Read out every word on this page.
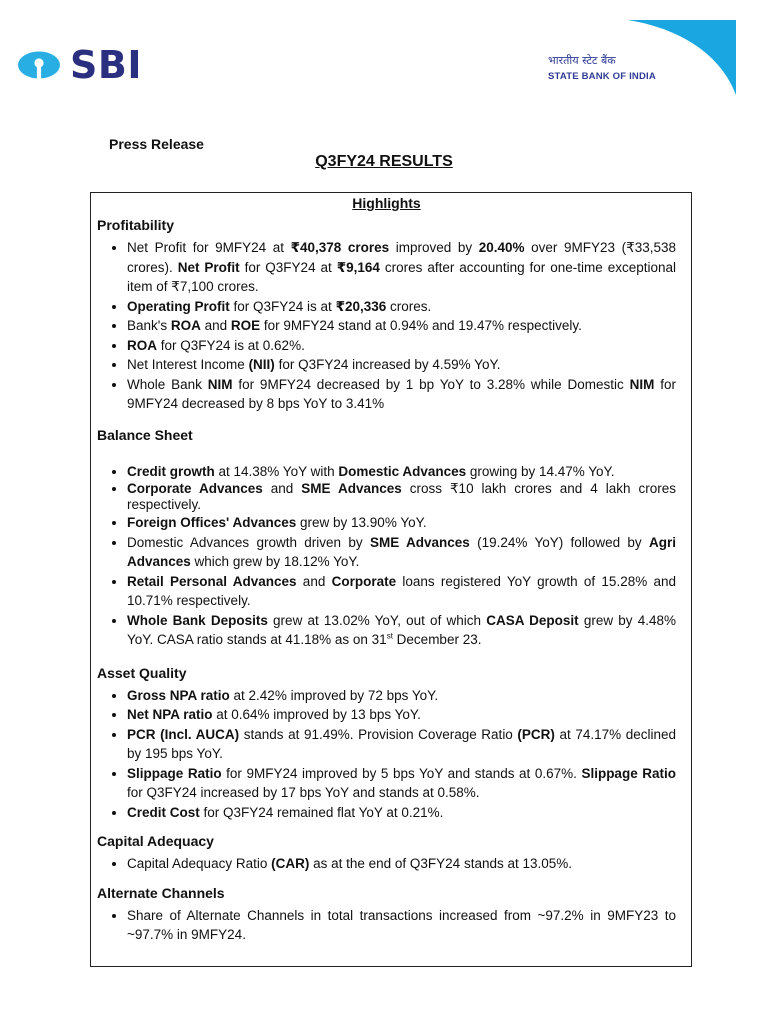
SBI	भारतीय स्टेट बैंक
STATE BANK OF INDIA
Press Release
Q3FY24 RESULTS
Highlights
Profitability
• Net Profit for 9MFY24 at ₹40,378 crores improved by 20.40% over 9MFY23 (₹33,538 crores). Net Profit for Q3FY24 at ₹9,164 crores after accounting for one-time exceptional item of ₹7,100 crores.
• Operating Profit for Q3FY24 is at ₹20,336 crores.
• Bank's ROA and ROE for 9MFY24 stand at 0.94% and 19.47% respectively.
• ROA for Q3FY24 is at 0.62%.
• Net Interest Income (NII) for Q3FY24 increased by 4.59% YoY.
• Whole Bank NIM for 9MFY24 decreased by 1 bp YoY to 3.28% while Domestic NIM for 9MFY24 decreased by 8 bps YoY to 3.41%
Balance Sheet
• Credit growth at 14.38% YoY with Domestic Advances growing by 14.47% YoY.
• Corporate Advances and SME Advances cross ₹10 lakh crores and 4 lakh crores respectively.
• Foreign Offices' Advances grew by 13.90% YoY.
• Domestic Advances growth driven by SME Advances (19.24% YoY) followed by Agri Advances which grew by 18.12% YoY.
• Retail Personal Advances and Corporate loans registered YoY growth of 15.28% and 10.71% respectively.
• Whole Bank Deposits grew at 13.02% YoY, out of which CASA Deposit grew by 4.48% YoY. CASA ratio stands at 41.18% as on 31st December 23.
Asset Quality
• Gross NPA ratio at 2.42% improved by 72 bps YoY.
• Net NPA ratio at 0.64% improved by 13 bps YoY.
• PCR (Incl. AUCA) stands at 91.49%. Provision Coverage Ratio (PCR) at 74.17% declined by 195 bps YoY.
• Slippage Ratio for 9MFY24 improved by 5 bps YoY and stands at 0.67%. Slippage Ratio for Q3FY24 increased by 17 bps YoY and stands at 0.58%.
• Credit Cost for Q3FY24 remained flat YoY at 0.21%.
Capital Adequacy
• Capital Adequacy Ratio (CAR) as at the end of Q3FY24 stands at 13.05%.
Alternate Channels
• Share of Alternate Channels in total transactions increased from ~97.2% in 9MFY23 to ~97.7% in 9MFY24.
